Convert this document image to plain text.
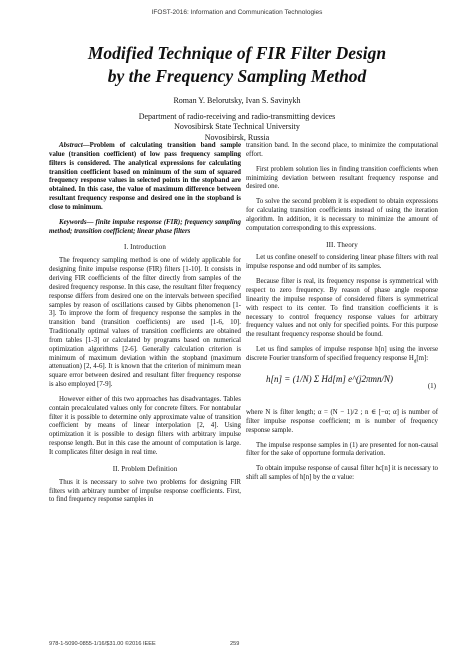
IFOST-2016: Information and Communication Technologies
Modified Technique of FIR Filter Design
by the Frequency Sampling Method
Roman Y. Belorutsky, Ivan S. Savinykh
Department of radio-receiving and radio-transmitting devices
Novosibirsk State Technical University
Novosibirsk, Russia

Abstract—Problem of calculating transition band sample value (transition coefficient) of low pass frequency sampling filters is considered. The analytical expressions for calculating transition coefficient based on minimum of the sum of squared frequency response values in selected points in the stopband are obtained. In this case, the value of maximum difference between resultant frequency response and desired one in the stopband is close to minimum.

Keywords— finite impulse response (FIR); frequency sampling method; transition coefficient; linear phase filters

I. Introduction

The frequency sampling method is one of widely applicable for designing finite impulse response (FIR) filters [1-10]. It consists in deriving FIR coefficients of the filter directly from samples of the desired frequency response. In this case, the resultant filter frequency response differs from desired one on the intervals between specified samples by reason of oscillations caused by Gibbs phenomenon [1-3]. To improve the form of frequency response the samples in the transition band (transition coefficients) are used [1-6, 10]. Traditionally optimal values of transition coefficients are obtained from tables [1-3] or calculated by programs based on numerical optimization algorithms [2-6]. Generally calculation criterion is minimum of maximum deviation within the stopband (maximum attenuation) [2, 4-6]. It is known that the criterion of minimum mean square error between desired and resultant filter frequency response is also employed [7-9].

However either of this two approaches has disadvantages. Tables contain precalculated values only for concrete filters. For nontabular filter it is possible to determine only approximate value of transition coefficient by means of linear interpolation [2, 4]. Using optimization it is possible to design filters with arbitrary impulse response length. But in this case the amount of computation is large. It complicates filter design in real time.

II. Problem Definition

Thus it is necessary to solve two problems for designing FIR filters with arbitrary number of impulse response coefficients. First, to find frequency response samples in

transition band. In the second place, to minimize the computational effort.

First problem solution lies in finding transition coefficients when minimizing deviation between resultant frequency response and desired one.

To solve the second problem it is expedient to obtain expressions for calculating transition coefficients instead of using the iteration algorithm. In addition, it is necessary to minimize the amount of computation corresponding to this expressions.

III. Theory

Let us confine oneself to considering linear phase filters with real impulse response and odd number of its samples.

Because filter is real, its frequency response is symmetrical with respect to zero frequency. By reason of phase angle response linearity the impulse response of considered filters is symmetrical with respect to its center. To find transition coefficients it is necessary to control frequency response values for arbitrary frequency values and not only for specified points. For this purpose the resultant frequency response should be found.

Let us find samples of impulse response h[n] using the inverse discrete Fourier transform of specified frequency response $H_d[m]$:

h[n] = (1/N) Σ Hd[m] e^(j2πmn/N)
(1)

where N is filter length; α = (N − 1)/2 ; n ∈ [−α; α] is number of filter impulse response coefficient; m is number of frequency response sample.

The impulse response samples in (1) are presented for non-causal filter for the sake of opportune formula derivation.

To obtain impulse response of causal filter hc[n] it is necessary to shift all samples of h[n] by the α value:

978-1-5090-0855-1/16/$31.00 ©2016 IEEE	259
